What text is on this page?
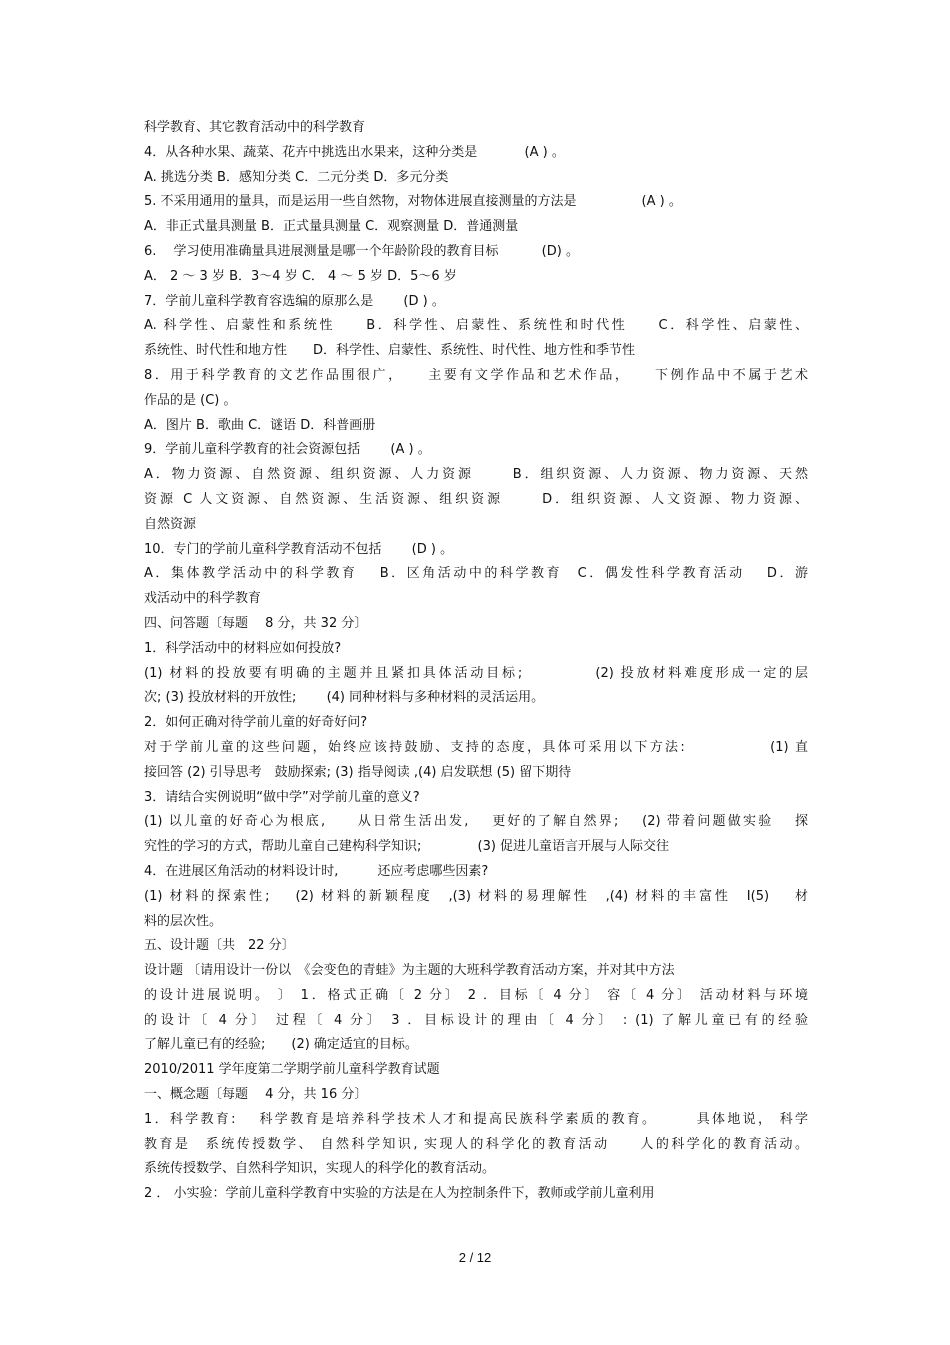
科学教育、其它教育活动中的科学教育
4．从各种水果、蔬菜、花卉中挑选出水果来，这种分类是 　　　 (A ) 。
A. 挑选分类 B．感知分类 C．二元分类 D．多元分类
5. 不采用通用的量具，而是运用一些自然物，对物体进展直接测量的方法是　　　　　(A ) 。
A．非正式量具测量 B．正式量具测量 C．观察测量 D．普通测量
6.　 学习使用准确量具进展测量是哪一个年龄阶段的教育目标 　　　(D) 。
A． 2 ～ 3 岁 B．3～4 岁 C． 4 ～ 5 岁 D．5～6 岁
7．学前儿童科学教育容选编的原那么是 　　(D ) 。
A. 科学性、启蒙性和系统性　　B．科学性、启蒙性、系统性和时代性　　C．科学性、启蒙性、
系统性、时代性和地方性　　D．科学性、启蒙性、系统性、时代性、地方性和季节性
8．用于科学教育的文艺作品围很广，　　主要有文学作品和艺术作品，　　下例作品中不属于艺术
作品的是 (C) 。
A．图片 B．歌曲 C．谜语 D．科普画册
9．学前儿童科学教育的社会资源包括 　　(A ) 。
A．物力资源、自然资源、组织资源、人力资源　　 B．组织资源、人力资源、物力资源、天然
资源 C 人文资源、自然资源、生活资源、组织资源　　 D．组织资源、人文资源、物力资源、
自然资源
10．专门的学前儿童科学教育活动不包括 　　(D ) 。
A．集体教学活动中的科学教育　 B．区角活动中的科学教育　C．偶发性科学教育活动　 D．游
戏活动中的科学教育
四、问答题〔每题　 8 分，共 32 分〕
1．科学活动中的材料应如何投放?
(1) 材料的投放要有明确的主题并且紧扣具体活动目标;　　　　 (2) 投放材料难度形成一定的层
次; (3) 投放材料的开放性;　　 (4) 同种材料与多种材料的灵活运用。
2．如何正确对待学前儿童的好奇好问?
对于学前儿童的这些问题，始终应该持鼓励、支持的态度，具体可采用以下方法:　　　　　 (1) 直
接回答 (2) 引导思考　鼓励探索; (3) 指导阅读 ,(4) 启发联想 (5) 留下期待
3．请结合实例说明“做中学”对学前儿童的意义?
(1) 以儿童的好奇心为根底,　　从日常生活出发,　 更好的了解自然界;　 (2) 带着问题做实验　 探
究性的学习的方式，帮助儿童自己建构科学知识;　　　　 (3) 促进儿童语言开展与人际交往
4．在进展区角活动的材料设计时,　　　还应考虑哪些因素?
(1) 材料的探索性;　 (2) 材料的新颖程度　,(3) 材料的易理解性　,(4) 材料的丰富性　I(5)　 材
料的层次性。
五、设计题〔共　22 分〕
设计题 〔请用设计一份以　《会变色的青蛙》为主题的大班科学教育活动方案，并对其中方法
的设计进展说明。 〕 1．格式正确〔 2 分〕 2 ．目标〔 4 分〕 容〔 4 分〕 活动材料与环境
的设计〔 4 分〕 过程〔 4 分〕 3 ．目标设计的理由〔 4 分〕 : (1) 了解儿童已有的经验
了解儿童已有的经验;　　(2) 确定适宜的目标。
2010/2011 学年度第二学期学前儿童科学教育试题
一、概念题〔每题　 4 分，共 16 分〕
1．科学教育:　 科学教育是培养科学技术人才和提高民族科学素质的教育。　　　具体地说， 科学
教育是　系统传授数学、 自然科学知识, 实现人的科学化的教育活动　　人的科学化的教育活动。
系统传授数学、自然科学知识，实现人的科学化的教育活动。
2 ． 小实验：学前儿童科学教育中实验的方法是在人为控制条件下，教师或学前儿童利用
2 / 12
